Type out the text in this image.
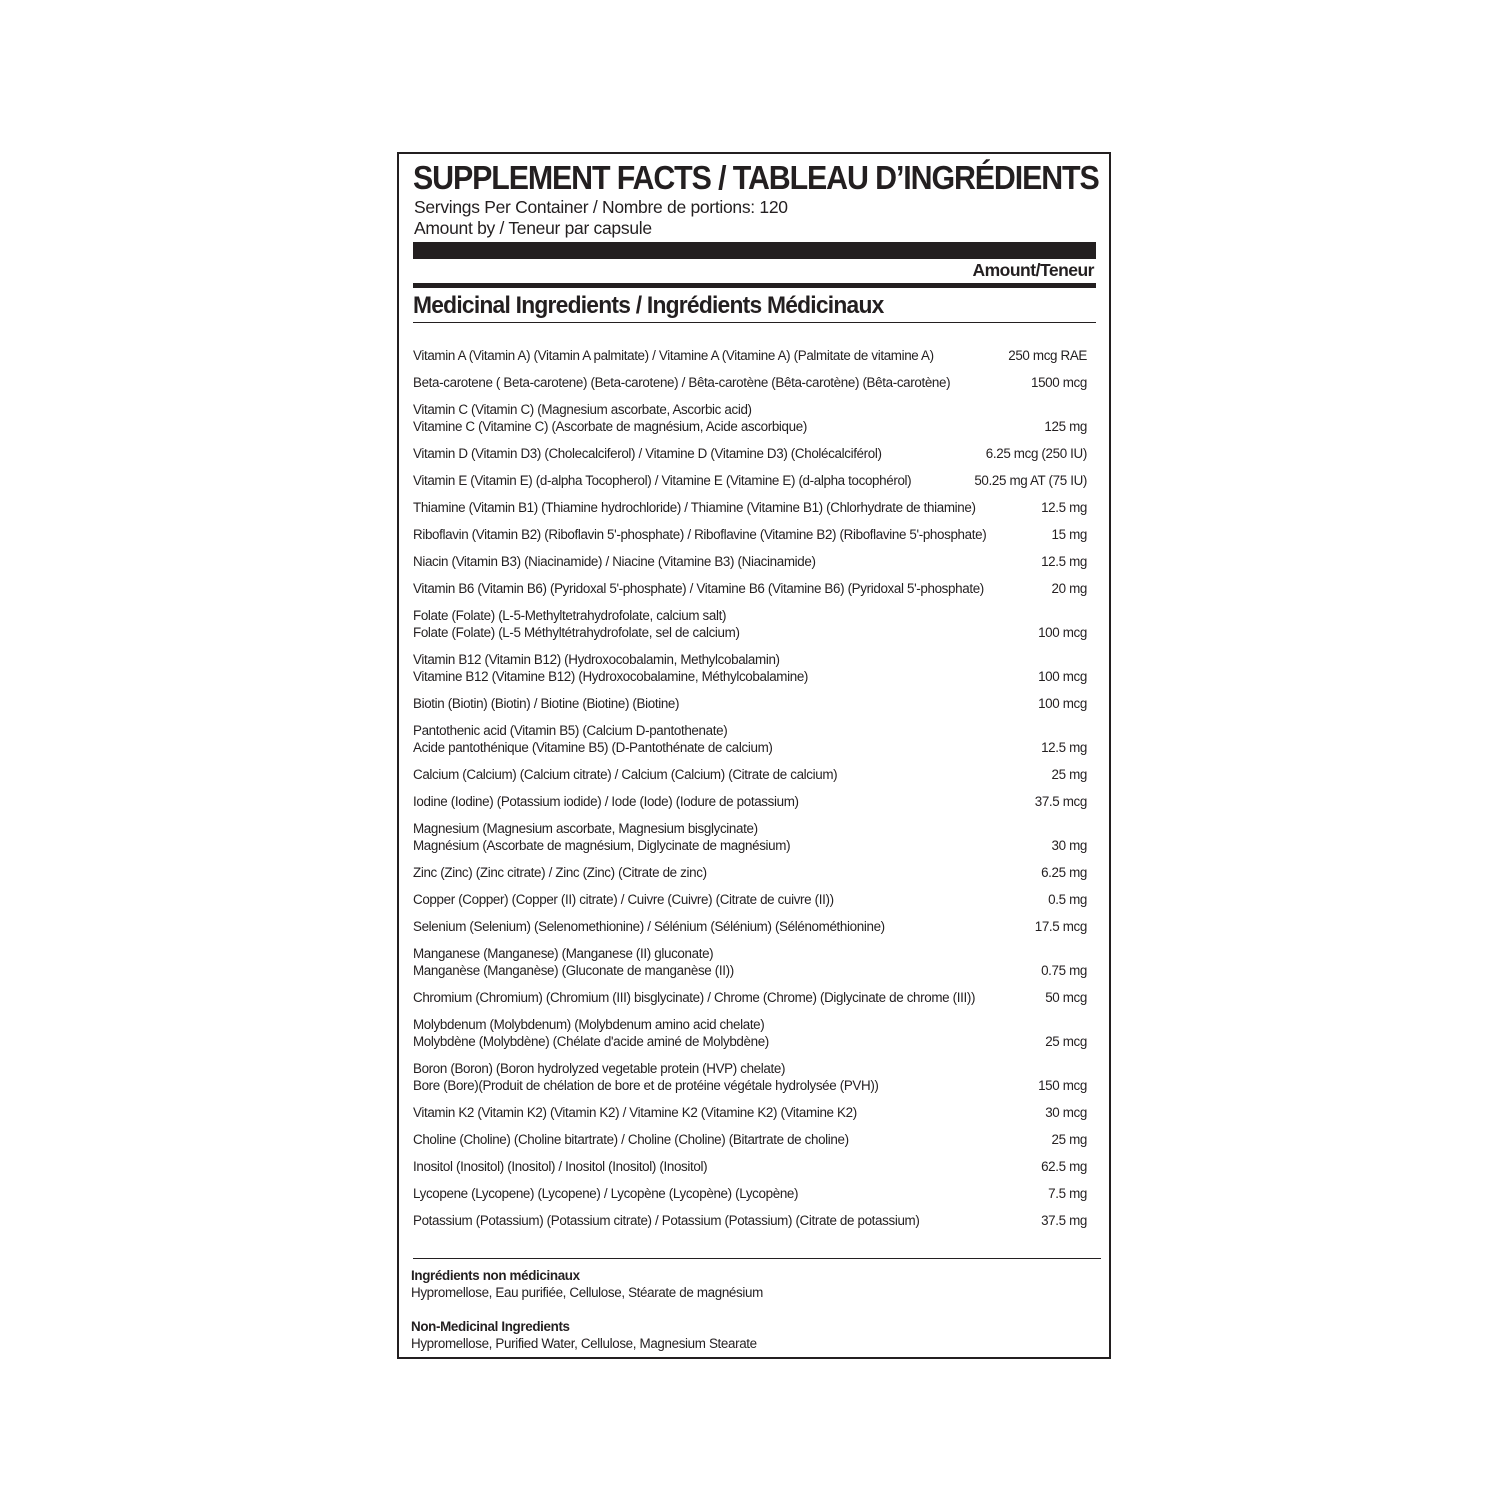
SUPPLEMENT FACTS / TABLEAU D’INGRÉDIENTS
Servings Per Container / Nombre de portions: 120
Amount by / Teneur par capsule
Amount/Teneur
Medicinal Ingredients / Ingrédients Médicinaux
Vitamin A (Vitamin A) (Vitamin A palmitate) / Vitamine A (Vitamine A) (Palmitate de vitamine A)	250 mcg RAE
Beta-carotene ( Beta-carotene) (Beta-carotene) / Bêta-carotène (Bêta-carotène) (Bêta-carotène)	1500 mcg
Vitamin C (Vitamin C) (Magnesium ascorbate, Ascorbic acid)
Vitamine C (Vitamine C) (Ascorbate de magnésium, Acide ascorbique)	125 mg
Vitamin D (Vitamin D3) (Cholecalciferol) / Vitamine D (Vitamine D3) (Cholécalciférol)	6.25 mcg (250 IU)
Vitamin E (Vitamin E) (d-alpha Tocopherol) / Vitamine E (Vitamine E) (d-alpha tocophérol)	50.25 mg AT (75 IU)
Thiamine (Vitamin B1) (Thiamine hydrochloride) / Thiamine (Vitamine B1) (Chlorhydrate de thiamine)	12.5 mg
Riboflavin (Vitamin B2) (Riboflavin 5'-phosphate) / Riboflavine (Vitamine B2) (Riboflavine 5'-phosphate)	15 mg
Niacin (Vitamin B3) (Niacinamide) / Niacine (Vitamine B3) (Niacinamide)	12.5 mg
Vitamin B6 (Vitamin B6) (Pyridoxal 5'-phosphate) / Vitamine B6 (Vitamine B6) (Pyridoxal 5'-phosphate)	20 mg
Folate (Folate) (L-5-Methyltetrahydrofolate, calcium salt)
Folate (Folate) (L-5 Méthyltétrahydrofolate, sel de calcium)	100 mcg
Vitamin B12 (Vitamin B12) (Hydroxocobalamin, Methylcobalamin)
Vitamine B12 (Vitamine B12) (Hydroxocobalamine, Méthylcobalamine)	100 mcg
Biotin (Biotin) (Biotin) / Biotine (Biotine) (Biotine)	100 mcg
Pantothenic acid (Vitamin B5) (Calcium D-pantothenate)
Acide pantothénique (Vitamine B5) (D-Pantothénate de calcium)	12.5 mg
Calcium (Calcium) (Calcium citrate) / Calcium (Calcium) (Citrate de calcium)	25 mg
Iodine (Iodine) (Potassium iodide) / Iode (Iode) (Iodure de potassium)	37.5 mcg
Magnesium (Magnesium ascorbate, Magnesium bisglycinate)
Magnésium (Ascorbate de magnésium, Diglycinate de magnésium)	30 mg
Zinc (Zinc) (Zinc citrate) / Zinc (Zinc) (Citrate de zinc)	6.25 mg
Copper (Copper) (Copper (II) citrate) / Cuivre (Cuivre) (Citrate de cuivre (II))	0.5 mg
Selenium (Selenium) (Selenomethionine) / Sélénium (Sélénium) (Sélénométhionine)	17.5 mcg
Manganese (Manganese) (Manganese (II) gluconate)
Manganèse (Manganèse) (Gluconate de manganèse (II))	0.75 mg
Chromium (Chromium) (Chromium (III) bisglycinate) / Chrome (Chrome) (Diglycinate de chrome (III))	50 mcg
Molybdenum (Molybdenum) (Molybdenum amino acid chelate)
Molybdène (Molybdène) (Chélate d'acide aminé de Molybdène)	25 mcg
Boron (Boron) (Boron hydrolyzed vegetable protein (HVP) chelate)
Bore (Bore)(Produit de chélation de bore et de protéine végétale hydrolysée (PVH))	150 mcg
Vitamin K2 (Vitamin K2) (Vitamin K2) / Vitamine K2 (Vitamine K2) (Vitamine K2)	30 mcg
Choline (Choline) (Choline bitartrate) / Choline (Choline) (Bitartrate de choline)	25 mg
Inositol (Inositol) (Inositol) / Inositol (Inositol) (Inositol)	62.5 mg
Lycopene (Lycopene) (Lycopene) / Lycopène (Lycopène) (Lycopène)	7.5 mg
Potassium (Potassium) (Potassium citrate) / Potassium (Potassium) (Citrate de potassium)	37.5 mg
Ingrédients non médicinaux
Hypromellose, Eau purifiée, Cellulose, Stéarate de magnésium
Non-Medicinal Ingredients
Hypromellose, Purified Water, Cellulose, Magnesium Stearate
